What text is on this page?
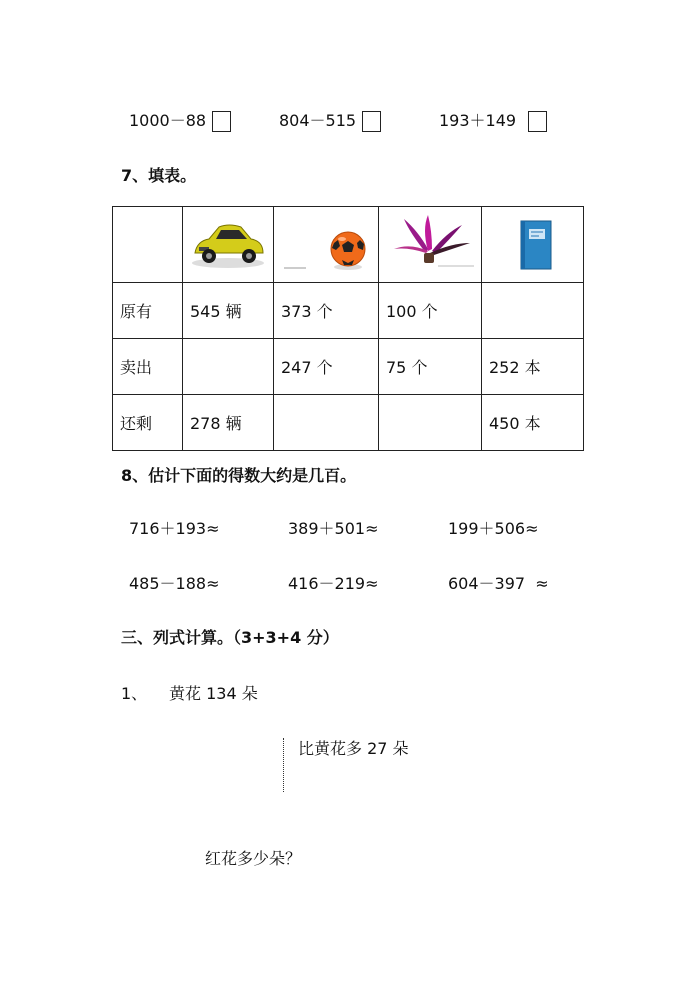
1000－88	804－515	193＋149
7、填表。

原有	545 辆	373 个	100 个	
卖出		247 个	75 个	252 本
还剩	278 辆			450 本
8、估计下面的得数大约是几百。
716＋193≈	389＋501≈	199＋506≈
485－188≈	416－219≈	604－397  ≈
三、列式计算。（3+3+4 分）
1、 黄花 134 朵
比黄花多 27 朵
红花多少朵？
